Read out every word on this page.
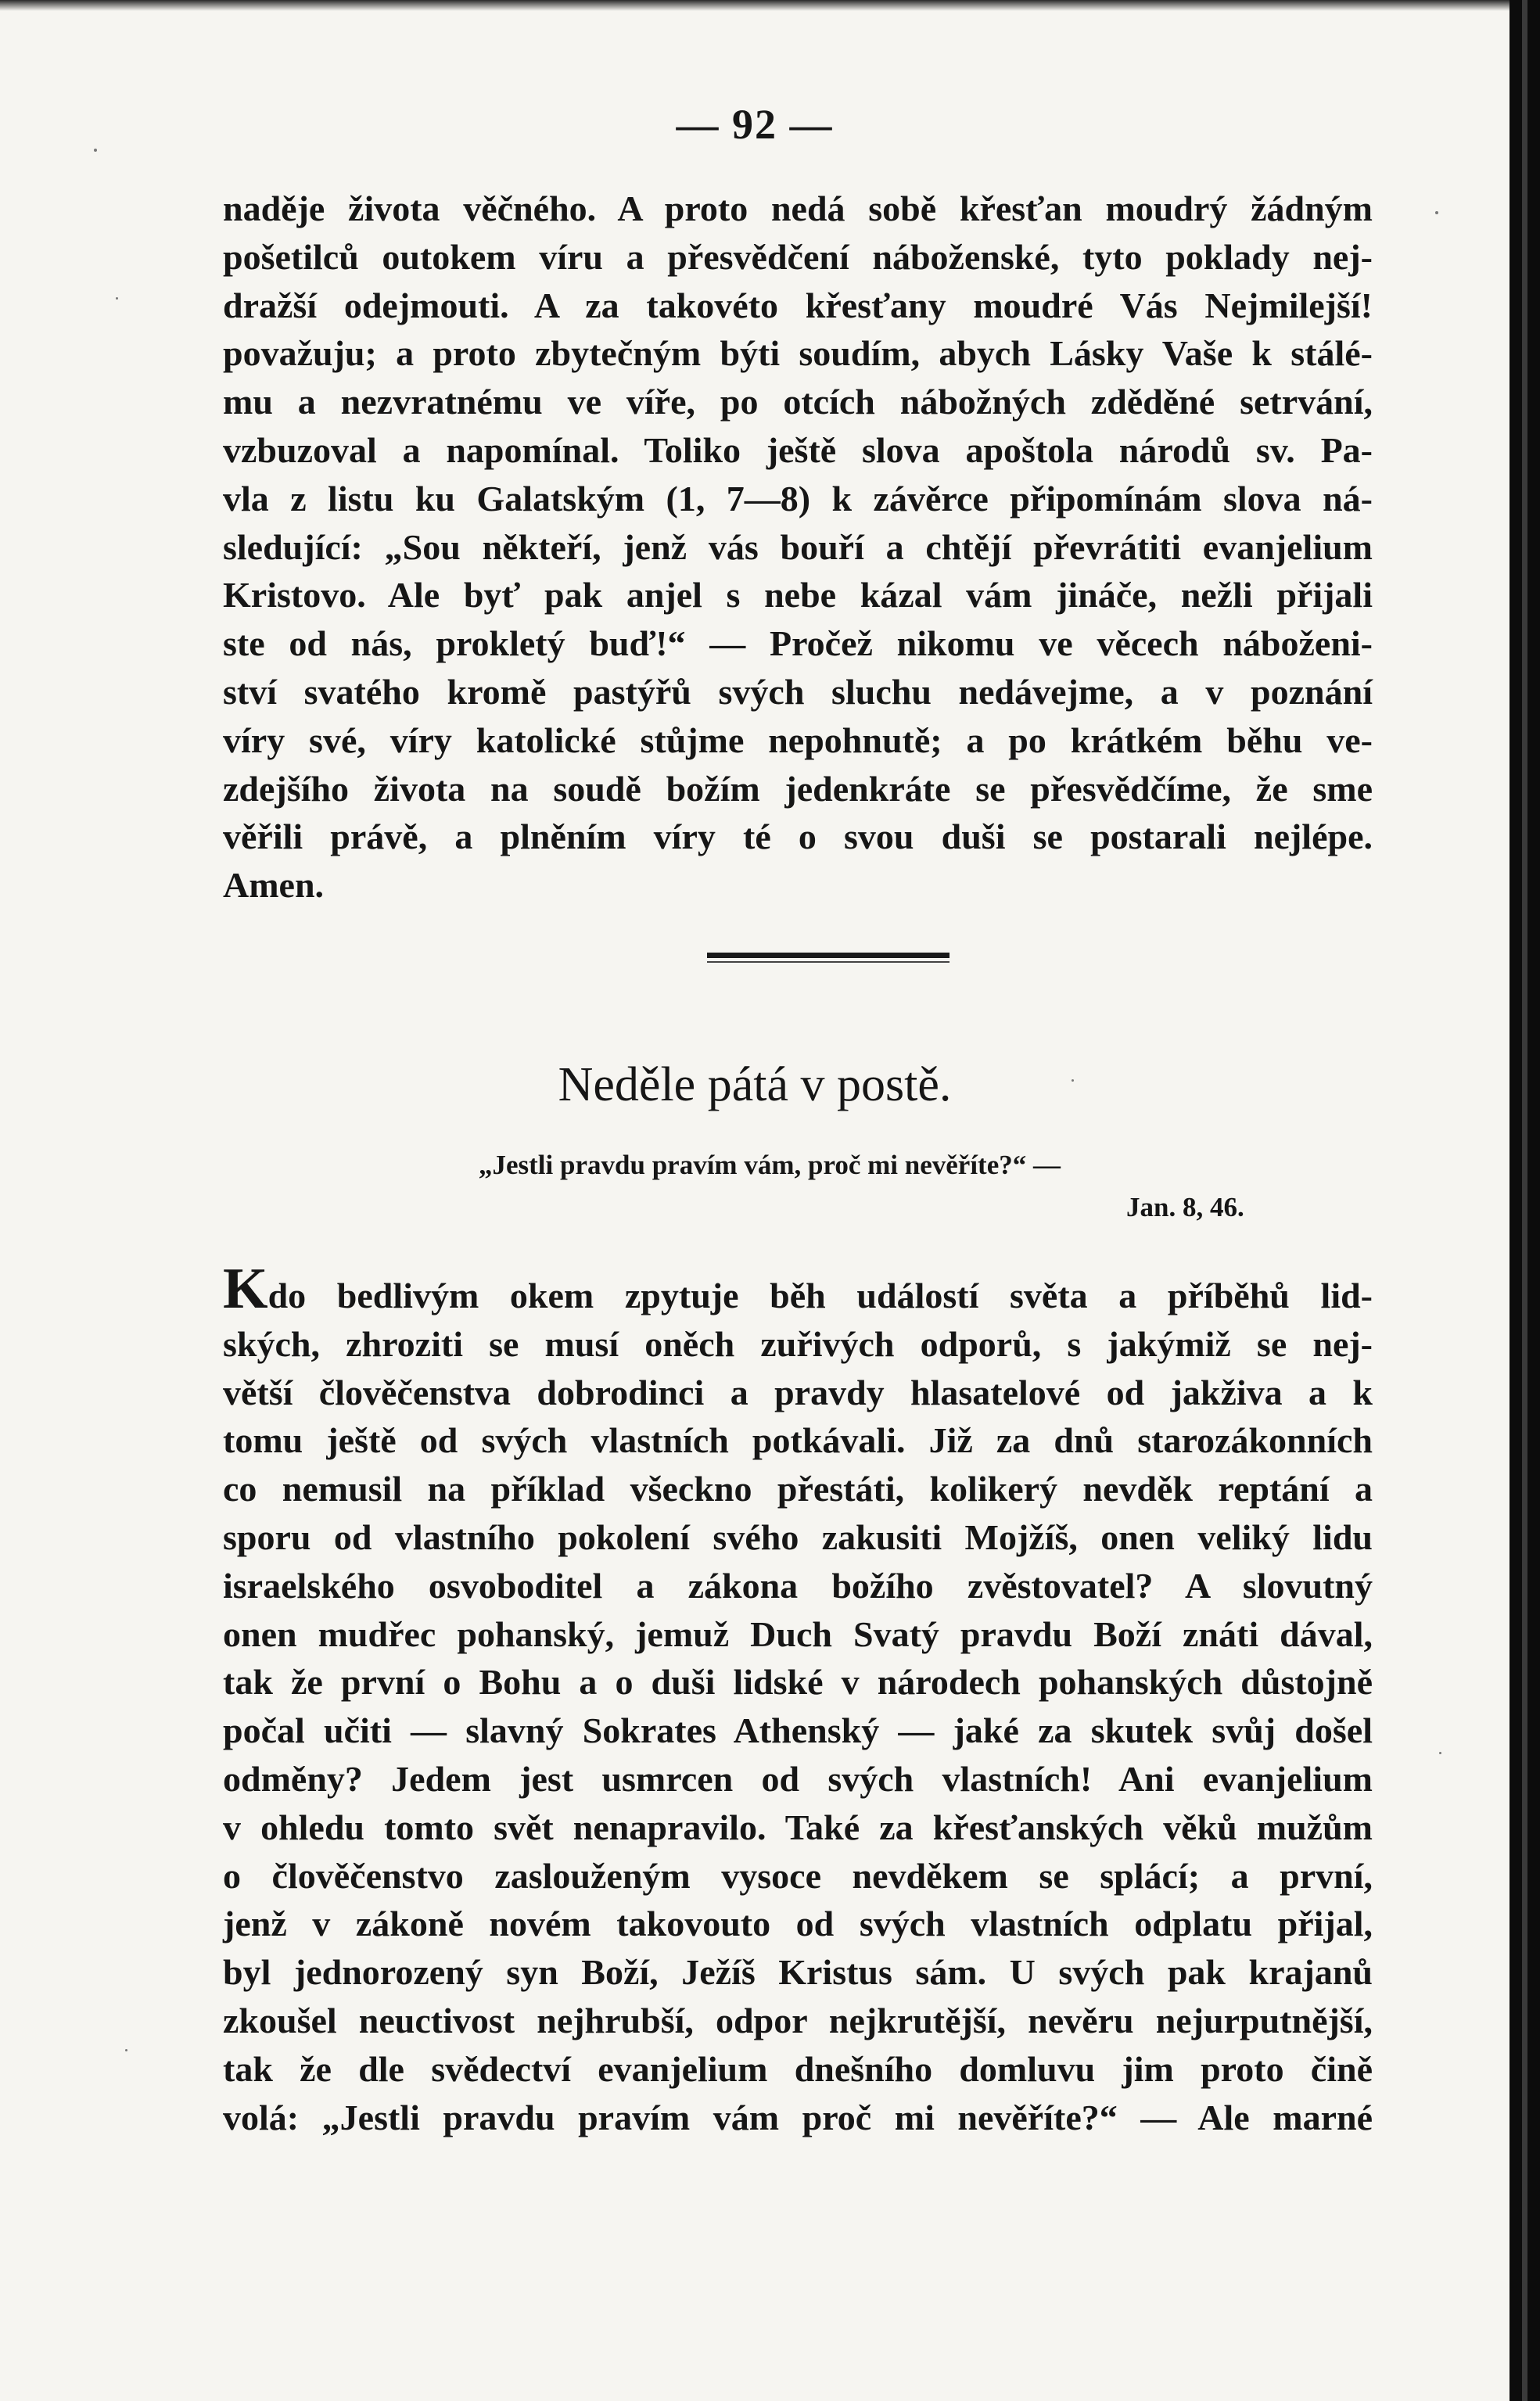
— 92 —
naděje života věčného. A proto nedá sobě křesťan moudrý žádným
pošetilců outokem víru a přesvědčení náboženské, tyto poklady nej-
dražší odejmouti. A za takovéto křesťany moudré Vás Nejmilejší!
považuju; a proto zbytečným býti soudím, abych Lásky Vaše k stálé-
mu a nezvratnému ve víře, po otcích nábožných zděděné setrvání,
vzbuzoval a napomínal. Toliko ještě slova apoštola národů sv. Pa-
vla z listu ku Galatským (1, 7—8) k závěrce připomínám slova ná-
sledující: „Sou někteří, jenž vás bouří a chtějí převrátiti evanjelium
Kristovo. Ale byť pak anjel s nebe kázal vám jináče, nežli přijali
ste od nás, prokletý buď!“ — Pročež nikomu ve věcech náboženi-
ství svatého kromě pastýřů svých sluchu nedávejme, a v poznání
víry své, víry katolické stůjme nepohnutě; a po krátkém běhu ve-
zdejšího života na soudě božím jedenkráte se přesvědčíme, že sme
věřili právě, a plněním víry té o svou duši se postarali nejlépe.
Amen.
Neděle pátá v postě.
„Jestli pravdu pravím vám, proč mi nevěříte?“ —
Jan. 8, 46.
Kdo bedlivým okem zpytuje běh událostí světa a příběhů lid-
ských, zhroziti se musí oněch zuřivých odporů, s jakýmiž se nej-
větší člověčenstva dobrodinci a pravdy hlasatelové od jakživa a k
tomu ještě od svých vlastních potkávali. Již za dnů starozákonních
co nemusil na příklad všeckno přestáti, kolikerý nevděk reptání a
sporu od vlastního pokolení svého zakusiti Mojžíš, onen veliký lidu
israelského osvoboditel a zákona božího zvěstovatel? A slovutný
onen mudřec pohanský, jemuž Duch Svatý pravdu Boží znáti dával,
tak že první o Bohu a o duši lidské v národech pohanských důstojně
počal učiti — slavný Sokrates Athenský — jaké za skutek svůj došel
odměny? Jedem jest usmrcen od svých vlastních! Ani evanjelium
v ohledu tomto svět nenapravilo. Také za křesťanských věků mužům
o člověčenstvo zaslouženým vysoce nevděkem se splácí; a první,
jenž v zákoně novém takovouto od svých vlastních odplatu přijal,
byl jednorozený syn Boží, Ježíš Kristus sám. U svých pak krajanů
zkoušel neuctivost nejhrubší, odpor nejkrutější, nevěru nejurputnější,
tak že dle svědectví evanjelium dnešního domluvu jim proto čině
volá: „Jestli pravdu pravím vám proč mi nevěříte?“ — Ale marné
